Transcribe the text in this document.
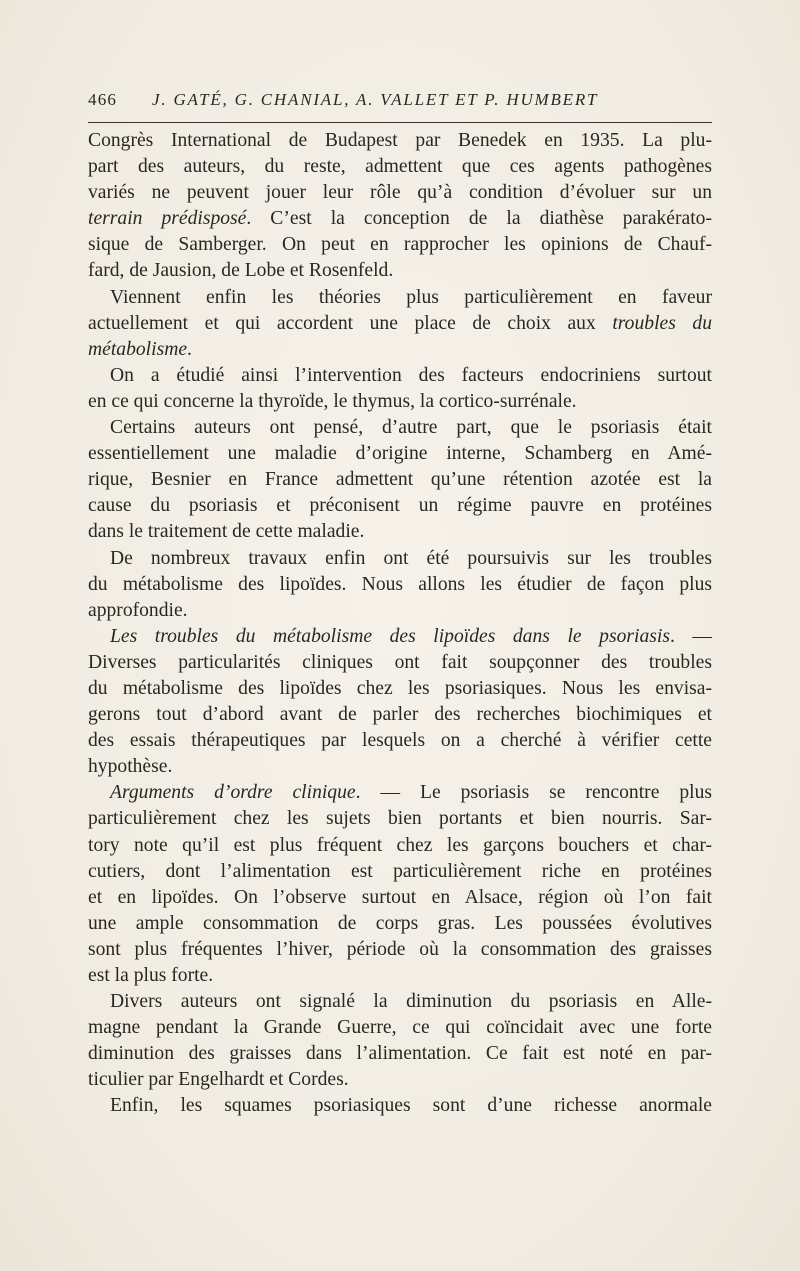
466 J. GATÉ, G. CHANIAL, A. VALLET ET P. HUMBERT
Congrès International de Budapest par Benedek en 1935. La plu-
part des auteurs, du reste, admettent que ces agents pathogènes
variés ne peuvent jouer leur rôle qu’à condition d’évoluer sur un
terrain prédisposé. C’est la conception de la diathèse parakérato-
sique de Samberger. On peut en rapprocher les opinions de Chauf-
fard, de Jausion, de Lobe et Rosenfeld.
Viennent enfin les théories plus particulièrement en faveur
actuellement et qui accordent une place de choix aux troubles du
métabolisme.
On a étudié ainsi l’intervention des facteurs endocriniens surtout
en ce qui concerne la thyroïde, le thymus, la cortico-surrénale.
Certains auteurs ont pensé, d’autre part, que le psoriasis était
essentiellement une maladie d’origine interne, Schamberg en Amé-
rique, Besnier en France admettent qu’une rétention azotée est la
cause du psoriasis et préconisent un régime pauvre en protéines
dans le traitement de cette maladie.
De nombreux travaux enfin ont été poursuivis sur les troubles
du métabolisme des lipoïdes. Nous allons les étudier de façon plus
approfondie.
Les troubles du métabolisme des lipoïdes dans le psoriasis. —
Diverses particularités cliniques ont fait soupçonner des troubles
du métabolisme des lipoïdes chez les psoriasiques. Nous les envisa-
gerons tout d’abord avant de parler des recherches biochimiques et
des essais thérapeutiques par lesquels on a cherché à vérifier cette
hypothèse.
Arguments d’ordre clinique. — Le psoriasis se rencontre plus
particulièrement chez les sujets bien portants et bien nourris. Sar-
tory note qu’il est plus fréquent chez les garçons bouchers et char-
cutiers, dont l’alimentation est particulièrement riche en protéines
et en lipoïdes. On l’observe surtout en Alsace, région où l’on fait
une ample consommation de corps gras. Les poussées évolutives
sont plus fréquentes l’hiver, période où la consommation des graisses
est la plus forte.
Divers auteurs ont signalé la diminution du psoriasis en Alle-
magne pendant la Grande Guerre, ce qui coïncidait avec une forte
diminution des graisses dans l’alimentation. Ce fait est noté en par-
ticulier par Engelhardt et Cordes.
Enfin, les squames psoriasiques sont d’une richesse anormale
